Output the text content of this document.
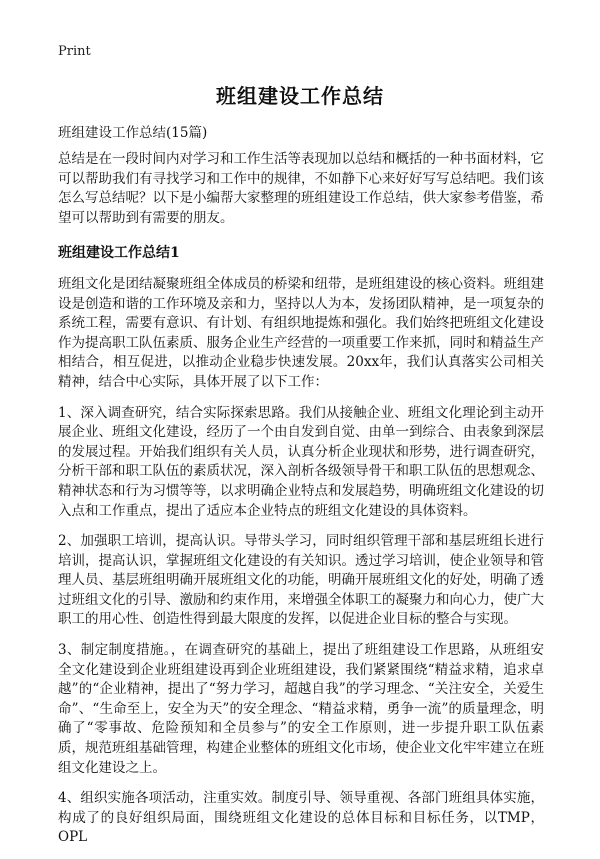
Print
班组建设工作总结
班组建设工作总结(15篇)

总结是在一段时间内对学习和工作生活等表现加以总结和概括的一种书面材料，它可以帮助我们有寻找学习和工作中的规律，不如静下心来好好写写总结吧。我们该怎么写总结呢？以下是小编帮大家整理的班组建设工作总结，供大家参考借鉴，希望可以帮助到有需要的朋友。

班组建设工作总结1

班组文化是团结凝聚班组全体成员的桥梁和纽带，是班组建设的核心资料。班组建设是创造和谐的工作环境及亲和力，坚持以人为本，发扬团队精神，是一项复杂的系统工程，需要有意识、有计划、有组织地提炼和强化。我们始终把班组文化建设作为提高职工队伍素质、服务企业生产经营的一项重要工作来抓，同时和精益生产相结合，相互促进，以推动企业稳步快速发展。20xx年，我们认真落实公司相关精神，结合中心实际，具体开展了以下工作：

1、深入调查研究，结合实际探索思路。我们从接触企业、班组文化理论到主动开展企业、班组文化建设，经历了一个由自发到自觉、由单一到综合、由表象到深层的发展过程。开始我们组织有关人员，认真分析企业现状和形势，进行调查研究，分析干部和职工队伍的素质状况，深入剖析各级领导骨干和职工队伍的思想观念、精神状态和行为习惯等等，以求明确企业特点和发展趋势，明确班组文化建设的切入点和工作重点，提出了适应本企业特点的班组文化建设的具体资料。

2、加强职工培训，提高认识。导带头学习，同时组织管理干部和基层班组长进行培训，提高认识，掌握班组文化建设的有关知识。透过学习培训，使企业领导和管理人员、基层班组明确开展班组文化的功能，明确开展班组文化的好处，明确了透过班组文化的引导、激励和约束作用，来增强全体职工的凝聚力和向心力，使广大职工的用心性、创造性得到最大限度的发挥，以促进企业目标的整合与实现。

3、制定制度措施。，在调查研究的基础上，提出了班组建设工作思路，从班组安全文化建设到企业班组建设再到企业班组建设，我们紧紧围绕“精益求精，追求卓越”的“企业精神，提出了“努力学习，超越自我”的学习理念、“关注安全，关爱生命”、“生命至上，安全为天”的安全理念、“精益求精，勇争一流”的质量理念，明确了“零事故、危险预知和全员参与”的安全工作原则，进一步提升职工队伍素质，规范班组基础管理，构建企业整体的班组文化市场，使企业文化牢牢建立在班组文化建设之上。

4、组织实施各项活动，注重实效。制度引导、领导重视、各部门班组具体实施，构成了的良好组织局面，围绕班组文化建设的总体目标和目标任务，以TMP，OPL
